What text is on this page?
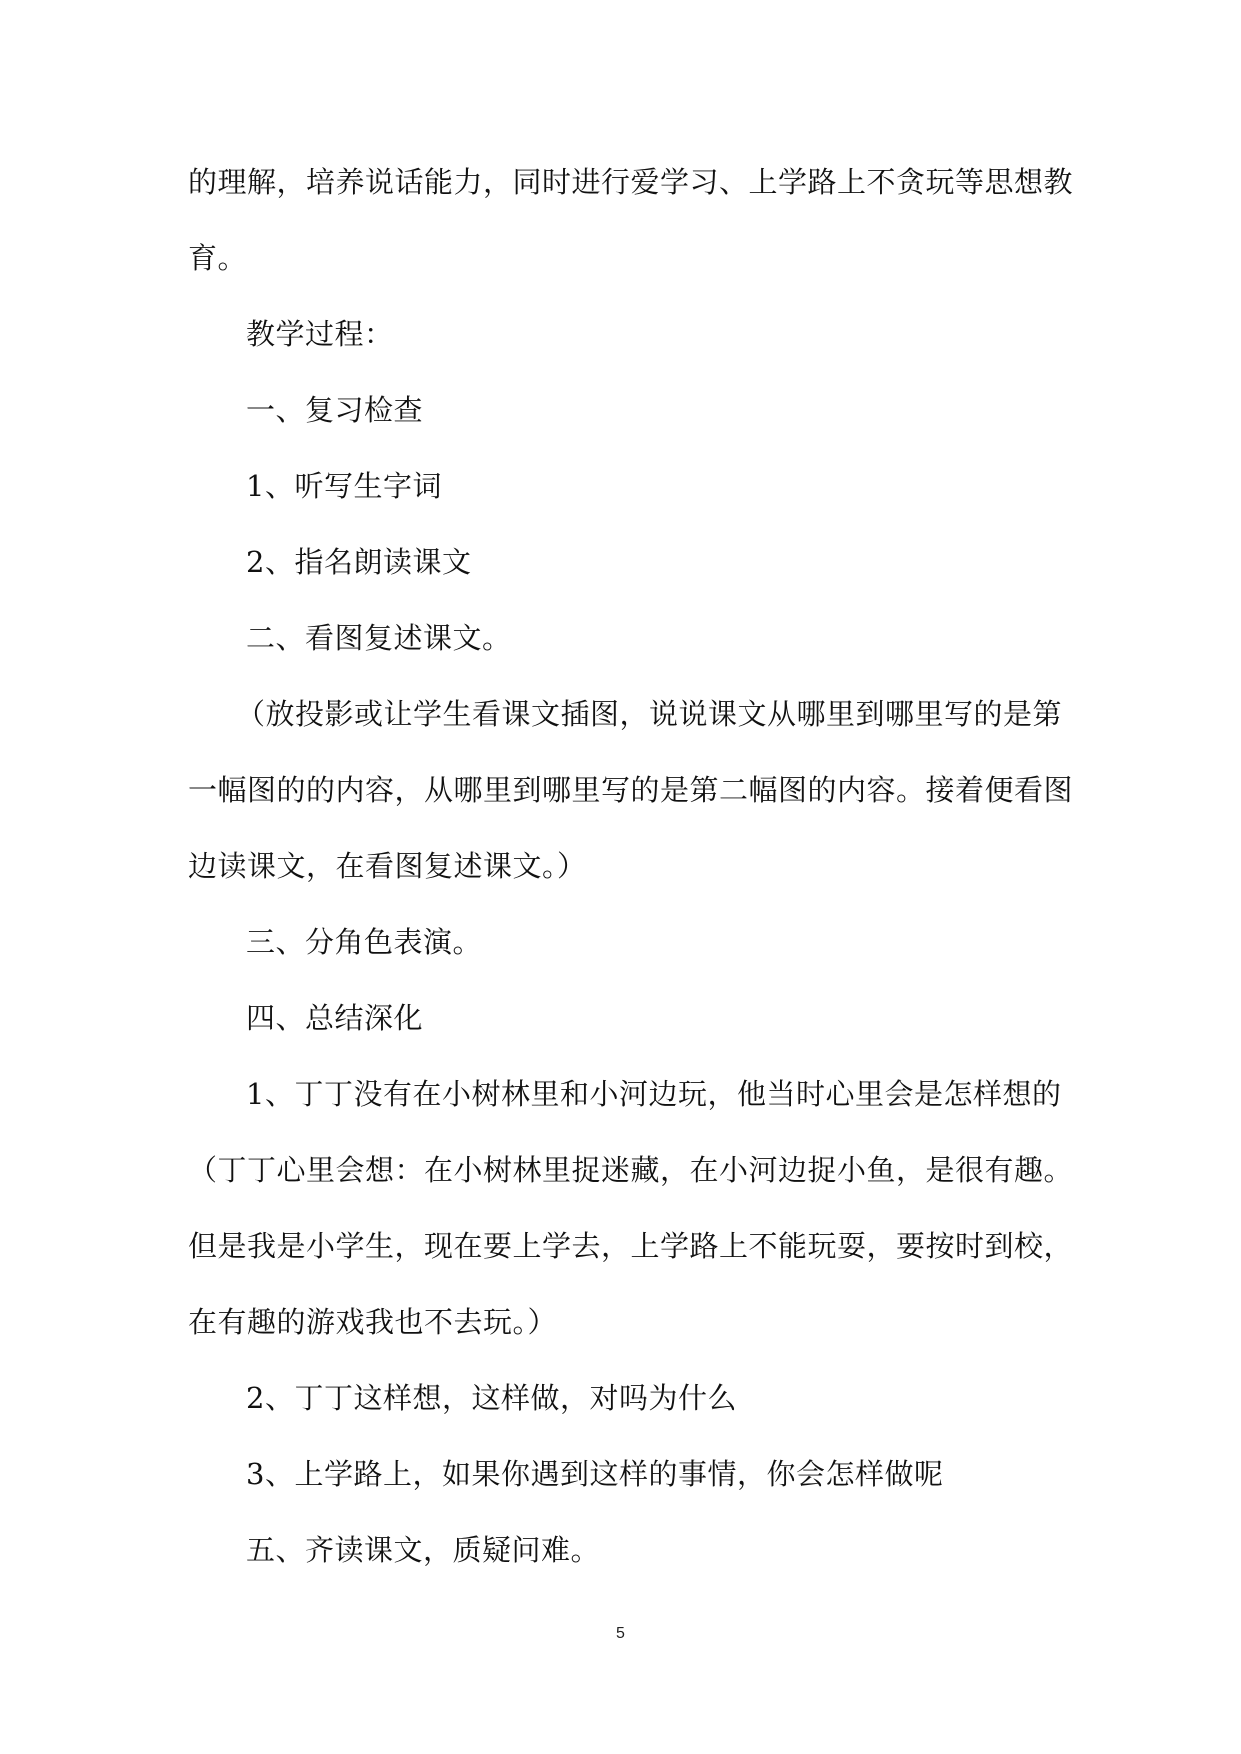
的理解，培养说话能力，同时进行爱学习、上学路上不贪玩等思想教
育。
教学过程：
一、复习检查
1、听写生字词
2、指名朗读课文
二、看图复述课文。
（放投影或让学生看课文插图，说说课文从哪里到哪里写的是第
一幅图的的内容，从哪里到哪里写的是第二幅图的内容。接着便看图
边读课文，在看图复述课文。）
三、分角色表演。
四、总结深化
1、丁丁没有在小树林里和小河边玩，他当时心里会是怎样想的
（丁丁心里会想：在小树林里捉迷藏，在小河边捉小鱼，是很有趣。
但是我是小学生，现在要上学去，上学路上不能玩耍，要按时到校，
在有趣的游戏我也不去玩。）
2、丁丁这样想，这样做，对吗为什么
3、上学路上，如果你遇到这样的事情，你会怎样做呢
五、齐读课文，质疑问难。
5
